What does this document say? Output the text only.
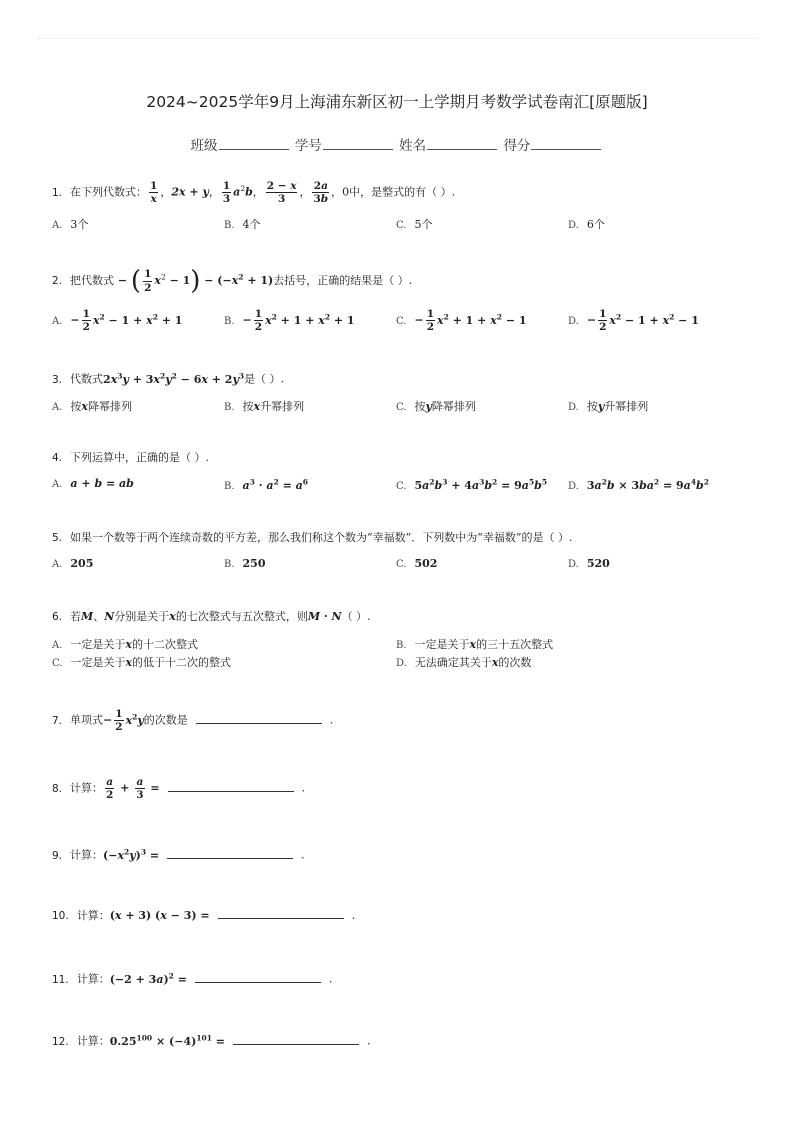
2024~2025学年9月上海浦东新区初一上学期月考数学试卷南汇[原题版]
班级	学号	姓名	得分
1. 在下列代数式： $\frac{1}{x}$ ，2x + y， $\frac{1}{3} a^2b$， $\frac{2 - x}{3}$ ， $\frac{2a}{3b}$ ，0中，是整式的有（ ）.
A. 3个	B. 4个	C. 5个	D. 6个
2. 把代数式 − ( $\frac{1}{2} x^2 - 1) - (-x^2 + 1)$去括号，正确的结果是（ ）.
A. − $\frac{1}{2} x^2 - 1 + x^2 + 1$	B. − $\frac{1}{2} x^2 + 1 + x^2 + 1$	C. − $\frac{1}{2} x^2 + 1 + x^2 - 1$	D. − $\frac{1}{2} x^2 - 1 + x^2 - 1$
3. 代数式$2x^3y + 3x^2y^2 - 6x + 2y^3$是（ ）.
A. 按x降幂排列	B. 按x升幂排列	C. 按y降幂排列	D. 按y升幂排列
4. 下列运算中，正确的是（ ）.
A. a + b = ab	B. $a^3 \cdot a^2 = a^6$	C. $5a^2b^3 + 4a^3b^2 = 9a^5b^5$ D. $3a^2b \times 3ba^2 = 9a^4b^2$
5. 如果一个数等于两个连续奇数的平方差，那么我们称这个数为“幸福数”．下列数中为“幸福数”的是（ ）.
A. 205	B. 250	C. 502	D. 520
6. 若M、N分别是关于x的七次整式与五次整式，则M · N（ ）.
A. 一定是关于x的十二次整式	B. 一定是关于x的三十五次整式
C. 一定是关于x的低于十二次的整式	D. 无法确定其关于x的次数
7. 单项式− $\frac{1}{2} x^2y$的次数是	.
8. 计算： $\frac{a}{2} + \frac{a}{3}$ =	.
9. 计算：$(-x^2y)^3$ =	.
10. 计算：(x + 3) (x − 3) =	.
11. 计算：$(-2 + 3a)^2$ =	.
12. 计算：$0.25^{100} \times (-4)^{101}$ =	.
